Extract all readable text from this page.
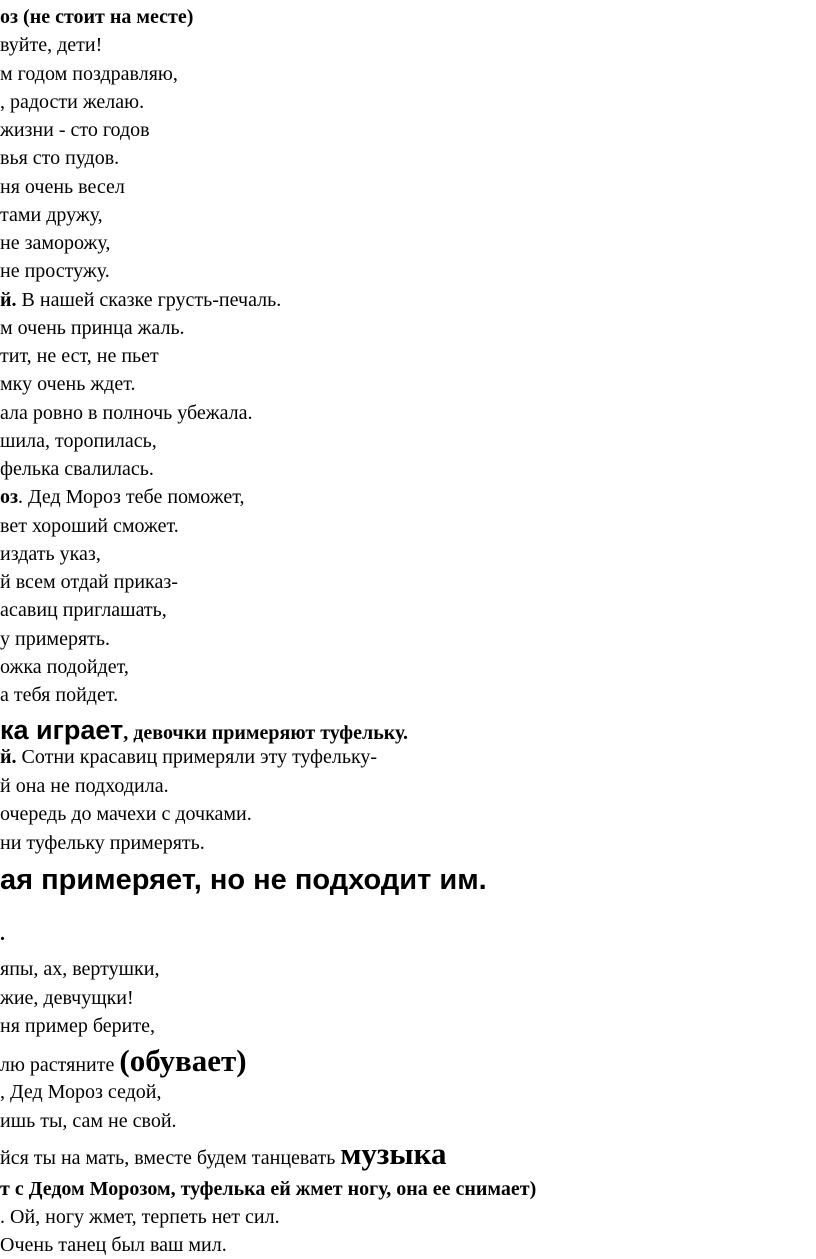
оз (не стоит на месте)
вуйте, дети!
м годом поздравляю,
, радости желаю.
жизни - сто годов
вья сто пудов.
ня очень весел
тами дружу,
не заморожу,
не простужу.
й. В нашей сказке грусть-печаль.
м очень принца жаль.
тит, не ест, не пьет
мку очень ждет.
ала ровно в полночь убежала.
шила, торопилась,
фелька свалилась.
оз. Дед Мороз тебе поможет,
вет хороший сможет.
издать указ,
й всем отдай приказ-
асавиц приглашать,
у примерять.
ожка подойдет,
а тебя пойдет.
ка играет, девочки примеряют туфельку.
й. Сотни красавиц примеряли эту туфельку-
й она не подходила.
очередь до мачехи с дочками.
ни туфельку примерять.
ая примеряет, но не подходит им.
.
япы, ах, вертушки,
жие, девчущки!
ня пример берите,
лю растяните (обувает)
, Дед Мороз седой,
ишь ты, сам не свой.
йся ты на мать, вместе будем танцевать музыка
т с Дедом Морозом, туфелька ей жмет ногу, она ее снимает)
. Ой, ногу жмет, терпеть нет сил.
Очень танец был ваш мил.
